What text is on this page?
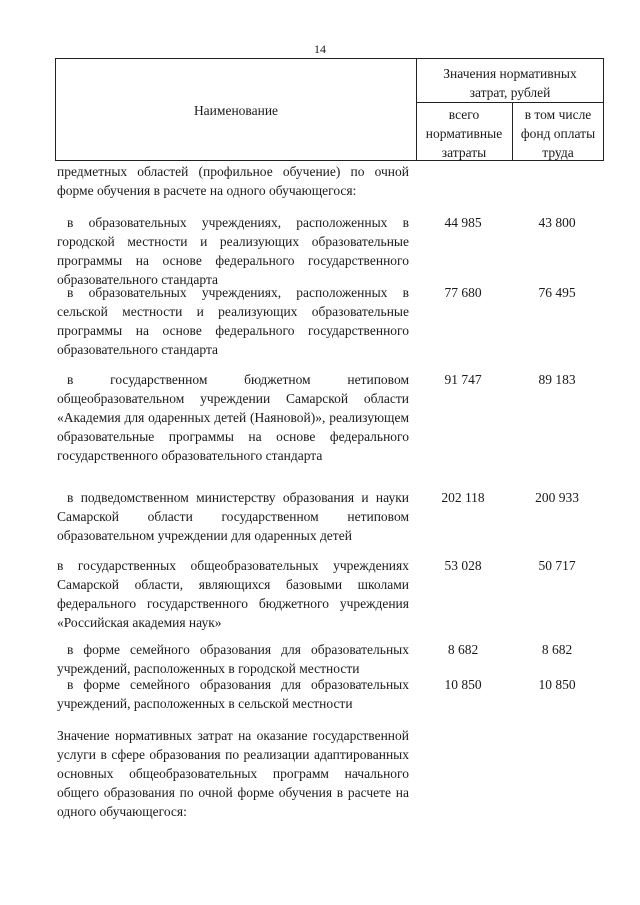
14
Наименование
Значения нормативных затрат, рублей
всего нормативные затраты
в том числе фонд оплаты труда
предметных областей (профильное обучение) по очной форме обучения в расчете на одного обучающегося:
в образовательных учреждениях, расположенных в городской местности и реализующих образовательные программы на основе федерального государственного образовательного стандарта
44 985	43 800
в образовательных учреждениях, расположенных в сельской местности и реализующих образовательные программы на основе федерального государственного образовательного стандарта
77 680	76 495
в государственном бюджетном нетиповом общеобразовательном учреждении Самарской области «Академия для одаренных детей (Наяновой)», реализующем образовательные программы на основе федерального государственного образовательного стандарта
91 747	89 183
в подведомственном министерству образования и науки Самарской области государственном нетиповом образовательном учреждении для одаренных детей
202 118	200 933
в государственных общеобразовательных учреждениях Самарской области, являющихся базовыми школами федерального государственного бюджетного учреждения «Российская академия наук»
53 028	50 717
в форме семейного образования для образовательных учреждений, расположенных в городской местности
8 682	8 682
в форме семейного образования для образовательных учреждений, расположенных в сельской местности
10 850	10 850
Значение нормативных затрат на оказание государственной услуги в сфере образования по реализации адаптированных основных общеобразовательных программ начального общего образования по очной форме обучения в расчете на одного обучающегося:
